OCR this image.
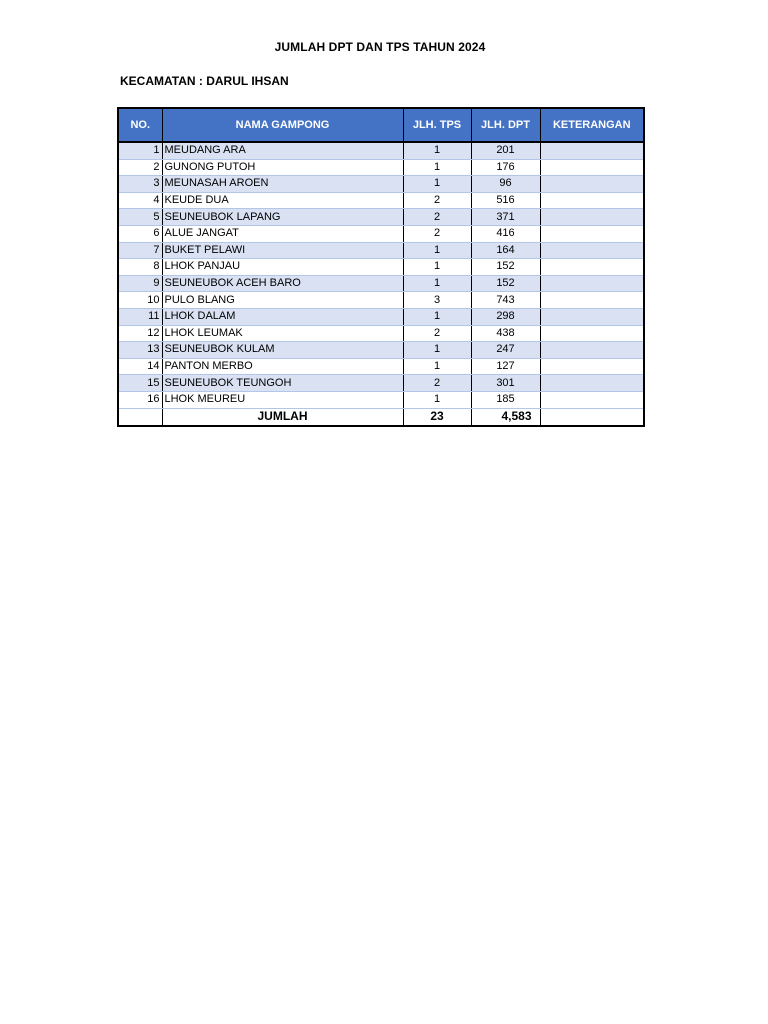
JUMLAH DPT DAN TPS TAHUN 2024
KECAMATAN : DARUL IHSAN
NO.	NAMA GAMPONG	JLH. TPS	JLH. DPT	KETERANGAN
1	MEUDANG ARA	1	201	
2	GUNONG PUTOH	1	176	
3	MEUNASAH AROEN	1	96	
4	KEUDE DUA	2	516	
5	SEUNEUBOK LAPANG	2	371	
6	ALUE JANGAT	2	416	
7	BUKET PELAWI	1	164	
8	LHOK PANJAU	1	152	
9	SEUNEUBOK ACEH BARO	1	152	
10	PULO BLANG	3	743	
11	LHOK DALAM	1	298	
12	LHOK LEUMAK	2	438	
13	SEUNEUBOK KULAM	1	247	
14	PANTON MERBO	1	127	
15	SEUNEUBOK TEUNGOH	2	301	
16	LHOK MEUREU	1	185	
	JUMLAH	23	4,583	
